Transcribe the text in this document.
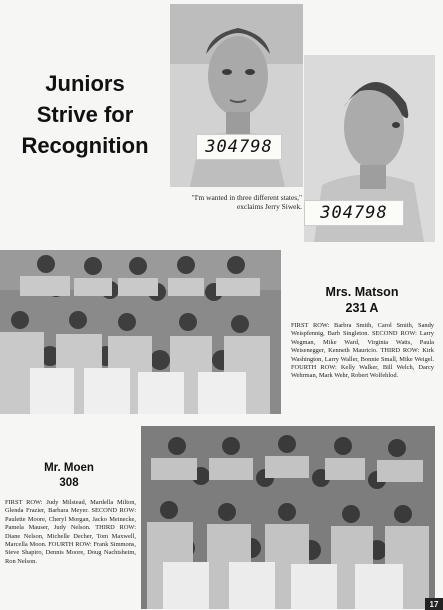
Juniors
Strive for
Recognition	304798
304798

"I'm wanted in three different states," exclaims Jerry Siwek.

Mrs. Matson
231 A

FIRST ROW: Barbra Smith, Carol Smith, Sandy Weispfennig, Barb Singleton. SECOND ROW: Larry Wegman, Mike Ward, Virginia Watts, Paula Weisenegger, Kenneth Mauricio. THIRD ROW: Kirk Washington, Larry Waller, Bonnie Small, Mike Weigel. FOURTH ROW: Kelly Walker, Bill Welch, Darcy Wehrman, Mark Wehr, Robert Wolfehlod.

Mr. Moen
308

FIRST ROW: Judy Milstead, Mardella Milton, Glenda Frazier, Barbara Meyer. SECOND ROW: Paulette Moore, Cheryl Morgan, Jacko Meinecke, Pamela Mauser, Judy Nelson. THIRD ROW: Diane Nelson, Michelle Decher, Tom Maxwell, Marcella Moon. FOURTH ROW: Frank Simmons, Steve Shapiro, Dennis Moore, Doug Nachtsheim, Ron Nelson.

17
